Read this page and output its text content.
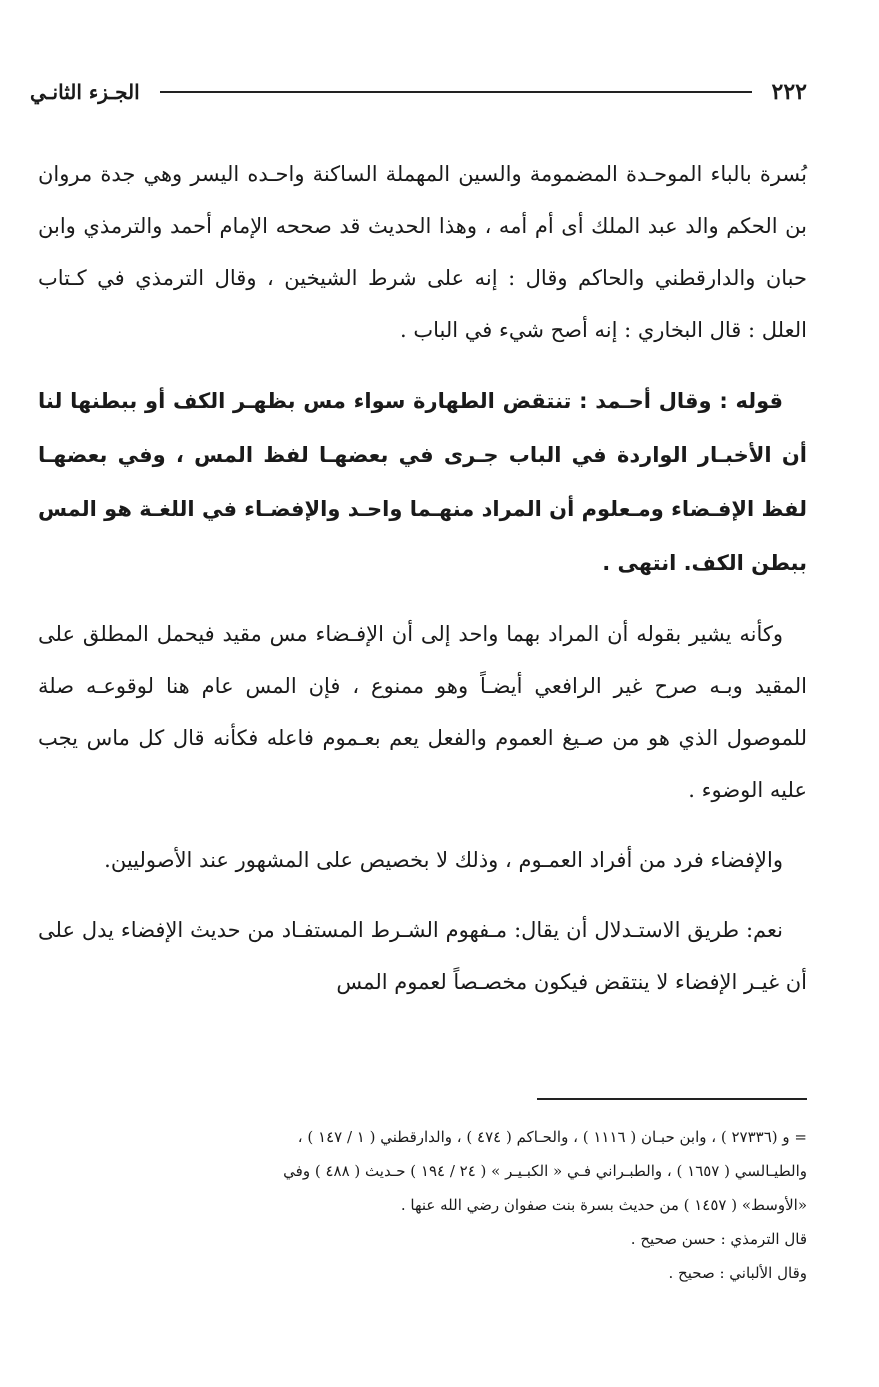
٢٢٢
الجـزء الثانـي

بُسرة بالباء الموحـدة المضمومة والسين المهملة الساكنة واحـده اليسر وهي جدة مروان بن الحكم والد عبد الملك أى أم أمه ، وهذا الحديث قد صححه الإمام أحمد والترمذي وابن حبان والدارقطني والحاكم وقال : إنه على شرط الشيخين ، وقال الترمذي في كـتاب العلل : قال البخاري : إنه أصح شيء في الباب .

قوله : وقال أحـمد : تنتقض الطهارة سواء مس بظهـر الكف أو ببطنها لنا أن الأخبـار الواردة في الباب جـرى في بعضهـا لفظ المس ، وفي بعضهـا لفظ الإفـضاء ومـعلوم أن المراد منهـما واحـد والإفضـاء في اللغـة هو المس ببطن الكف. انتهى .

وكأنه يشير بقوله أن المراد بهما واحد إلى أن الإفـضاء مس مقيد فيحمل المطلق على المقيد وبـه صرح غير الرافعي أيضـاً وهو ممنوع ، فإن المس عام هنا لوقوعـه صلة للموصول الذي هو من صـيغ العموم والفعل يعم بعـموم فاعله فكأنه قال كل ماس يجب عليه الوضوء .

والإفضاء فرد من أفراد العمـوم ، وذلك لا بخصيص على المشهور عند الأصوليين.

نعم: طريق الاستـدلال أن يقال: مـفهوم الشـرط المستفـاد من حديث الإفضاء يدل على أن غيـر الإفضاء لا ينتقض فيكون مخصـصاً لعموم المس

= و (٢٧٣٣٦ ) ، وابن حبـان ( ١١١٦ ) ، والحـاكم ( ٤٧٤ ) ، والدارقطني ( ١ / ١٤٧ ) ،

والطيـالسي ( ١٦٥٧ ) ، والطبـراني فـي « الكبـيـر » ( ٢٤ / ١٩٤ ) حـديث ( ٤٨٨ ) وفي

«الأوسط» ( ١٤٥٧ ) من حديث بسرة بنت صفوان رضي الله عنها .

قال الترمذي : حسن صحيح .

وقال الألباني : صحيح .
